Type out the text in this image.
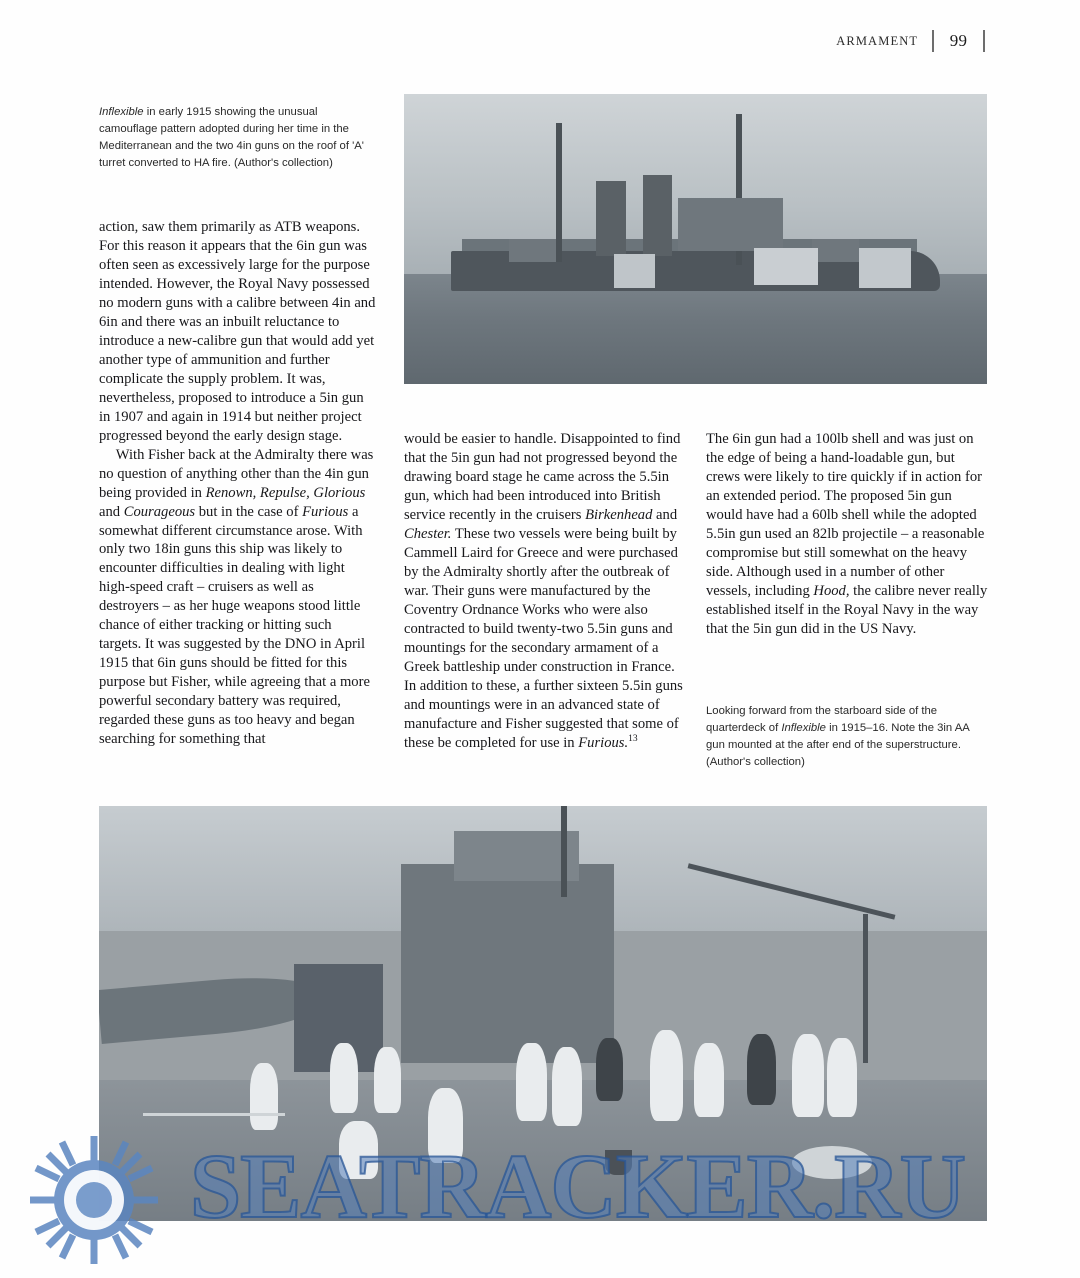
ARMAMENT	99
Inflexible in early 1915 showing the unusual camouflage pattern adopted during her time in the Mediterranean and the two 4in guns on the roof of 'A' turret converted to HA fire. (Author's collection)

action, saw them primarily as ATB weapons. For this reason it appears that the 6in gun was often seen as excessively large for the purpose intended. However, the Royal Navy possessed no modern guns with a calibre between 4in and 6in and there was an inbuilt reluctance to introduce a new-calibre gun that would add yet another type of ammunition and further complicate the supply problem. It was, nevertheless, proposed to introduce a 5in gun in 1907 and again in 1914 but neither project progressed beyond the early design stage.

With Fisher back at the Admiralty there was no question of anything other than the 4in gun being provided in Renown, Repulse, Glorious and Courageous but in the case of Furious a somewhat different circumstance arose. With only two 18in guns this ship was likely to encounter difficulties in dealing with light high-speed craft – cruisers as well as destroyers – as her huge weapons stood little chance of either tracking or hitting such targets. It was suggested by the DNO in April 1915 that 6in guns should be fitted for this purpose but Fisher, while agreeing that a more powerful secondary battery was required, regarded these guns as too heavy and began searching for something that

would be easier to handle. Disappointed to find that the 5in gun had not progressed beyond the drawing board stage he came across the 5.5in gun, which had been introduced into British service recently in the cruisers Birkenhead and Chester. These two vessels were being built by Cammell Laird for Greece and were purchased by the Admiralty shortly after the outbreak of war. Their guns were manufactured by the Coventry Ordnance Works who were also contracted to build twenty-two 5.5in guns and mountings for the secondary armament of a Greek battleship under construction in France. In addition to these, a further sixteen 5.5in guns and mountings were in an advanced state of manufacture and Fisher suggested that some of these be completed for use in Furious.$^{13}$

The 6in gun had a 100lb shell and was just on the edge of being a hand-loadable gun, but crews were likely to tire quickly if in action for an extended period. The proposed 5in gun would have had a 60lb shell while the adopted 5.5in gun used an 82lb projectile – a reasonable compromise but still somewhat on the heavy side. Although used in a number of other vessels, including Hood, the calibre never really established itself in the Royal Navy in the way that the 5in gun did in the US Navy.

Looking forward from the starboard side of the quarterdeck of Inflexible in 1915–16. Note the 3in AA gun mounted at the after end of the superstructure. (Author's collection)
SEATRACKER.RU
